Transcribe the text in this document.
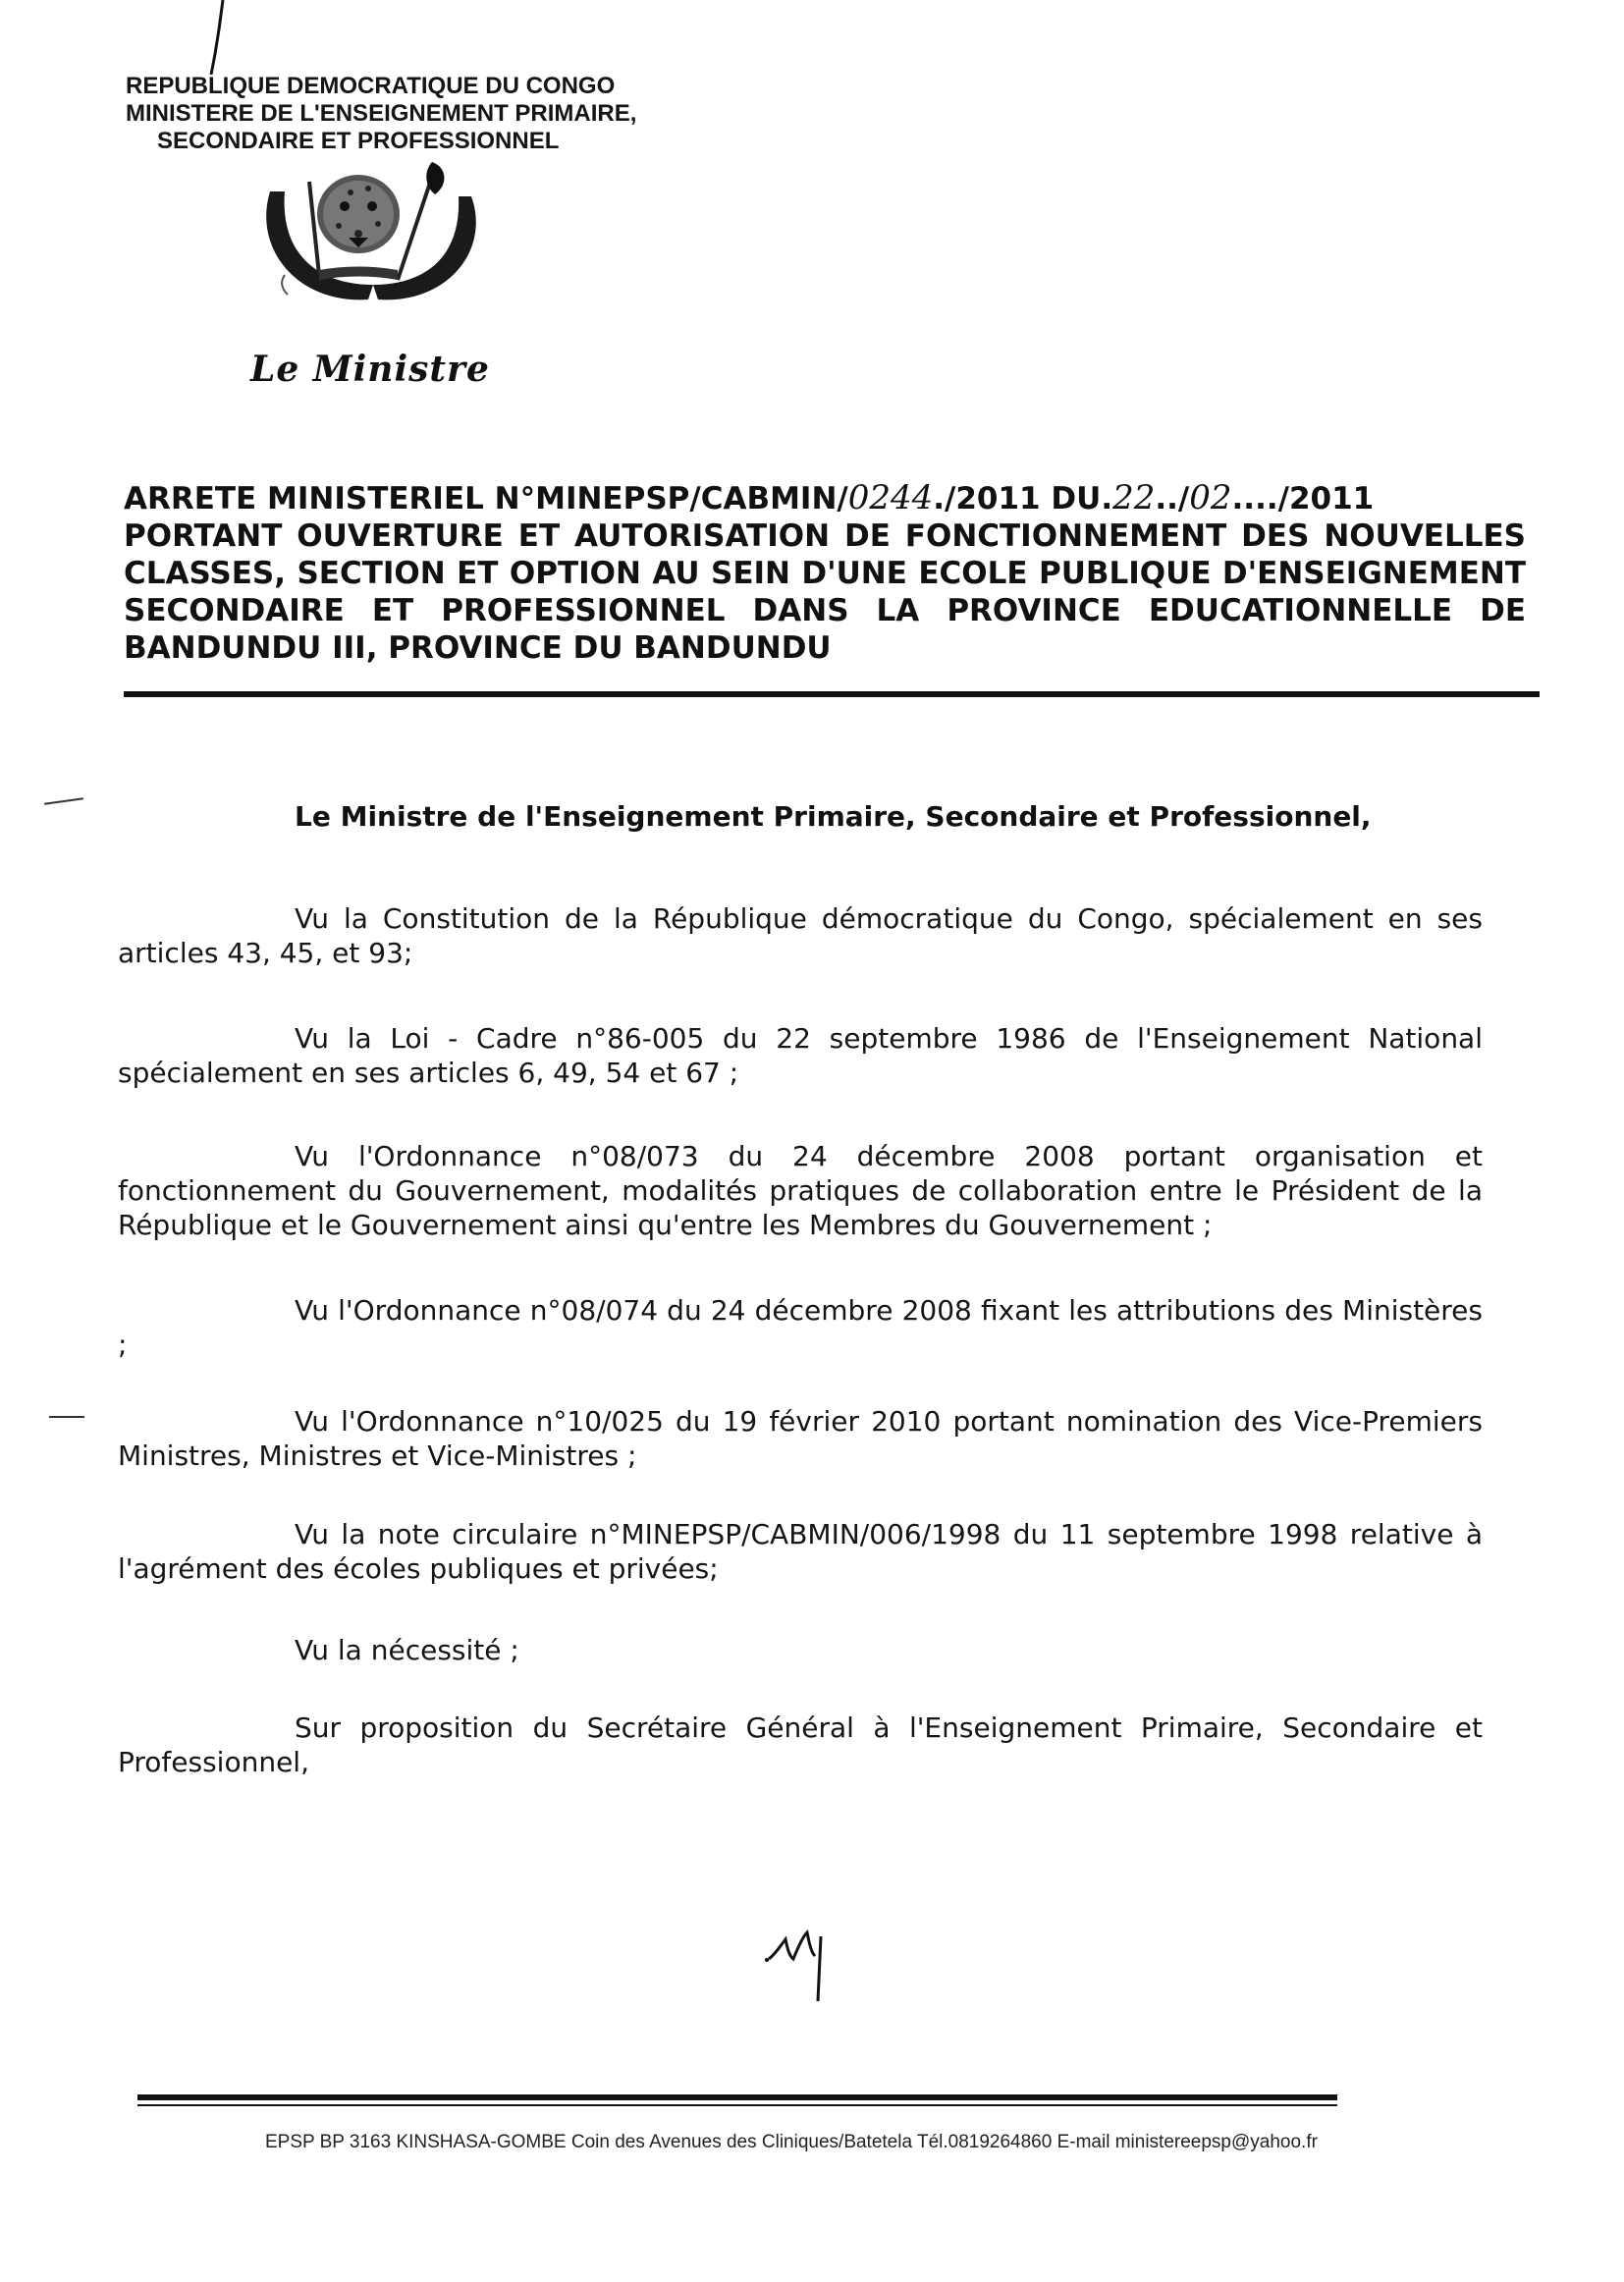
REPUBLIQUE DEMOCRATIQUE DU CONGO
MINISTERE DE L'ENSEIGNEMENT PRIMAIRE,
SECONDAIRE ET PROFESSIONNEL
Le Ministre
ARRETE MINISTERIEL N°MINEPSP/CABMIN/0244./2011 DU.22../02..../2011
PORTANT OUVERTURE ET AUTORISATION DE FONCTIONNEMENT DES NOUVELLES
CLASSES, SECTION ET OPTION AU SEIN D'UNE ECOLE PUBLIQUE D'ENSEIGNEMENT
SECONDAIRE ET PROFESSIONNEL DANS LA PROVINCE EDUCATIONNELLE DE
BANDUNDU III, PROVINCE DU BANDUNDU
Le Ministre de l'Enseignement Primaire, Secondaire et Professionnel,

Vu la Constitution de la République démocratique du Congo, spécialement en ses articles 43, 45, et 93;

Vu la Loi - Cadre n°86-005 du 22 septembre 1986 de l'Enseignement National spécialement en ses articles 6, 49, 54 et 67 ;

Vu l'Ordonnance n°08/073 du 24 décembre 2008 portant organisation et fonctionnement du Gouvernement, modalités pratiques de collaboration entre le Président de la République et le Gouvernement ainsi qu'entre les Membres du Gouvernement ;

Vu l'Ordonnance n°08/074 du 24 décembre 2008 fixant les attributions des Ministères ;

Vu l'Ordonnance n°10/025 du 19 février 2010 portant nomination des Vice-Premiers Ministres, Ministres et Vice-Ministres ;

Vu la note circulaire n°MINEPSP/CABMIN/006/1998 du 11 septembre 1998 relative à l'agrément des écoles publiques et privées;

Vu la nécessité ;

Sur proposition du Secrétaire Général à l'Enseignement Primaire, Secondaire et Professionnel,

EPSP BP 3163 KINSHASA-GOMBE Coin des Avenues des Cliniques/Batetela Tél.0819264860 E-mail ministereepsp@yahoo.fr
